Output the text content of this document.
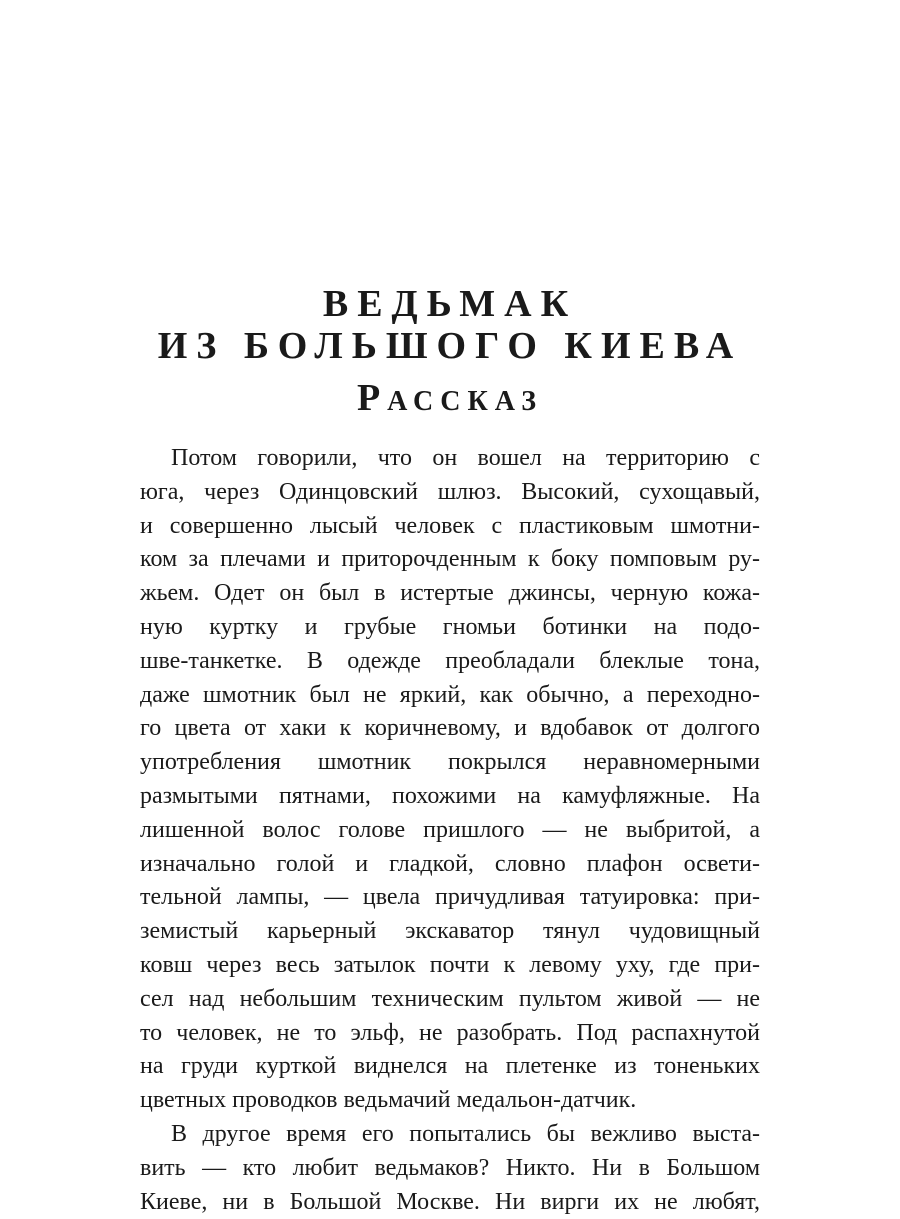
ВЕДЬМАК
ИЗ БОЛЬШОГО КИЕВА
РАССКАЗ
Потом говорили, что он вошел на территорию с
юга, через Одинцовский шлюз. Высокий, сухощавый,
и совершенно лысый человек с пластиковым шмотни-
ком за плечами и приторочденным к боку помповым ру-
жьем. Одет он был в истертые джинсы, черную кожа-
ную куртку и грубые гномьи ботинки на подо-
шве-танкетке. В одежде преобладали блеклые тона,
даже шмотник был не яркий, как обычно, а переходно-
го цвета от хаки к коричневому, и вдобавок от долгого
употребления шмотник покрылся неравномерными
размытыми пятнами, похожими на камуфляжные. На
лишенной волос голове пришлого — не выбритой, а
изначально голой и гладкой, словно плафон освети-
тельной лампы, — цвела причудливая татуировка: при-
земистый карьерный экскаватор тянул чудовищный
ковш через весь затылок почти к левому уху, где при-
сел над небольшим техническим пультом живой — не
то человек, не то эльф, не разобрать. Под распахнутой
на груди курткой виднелся на плетенке из тоненьких
цветных проводков ведьмачий медальон-датчик.
В другое время его попытались бы вежливо выста-
вить — кто любит ведьмаков? Никто. Ни в Большом
Киеве, ни в Большой Москве. Ни вирги их не любят,
